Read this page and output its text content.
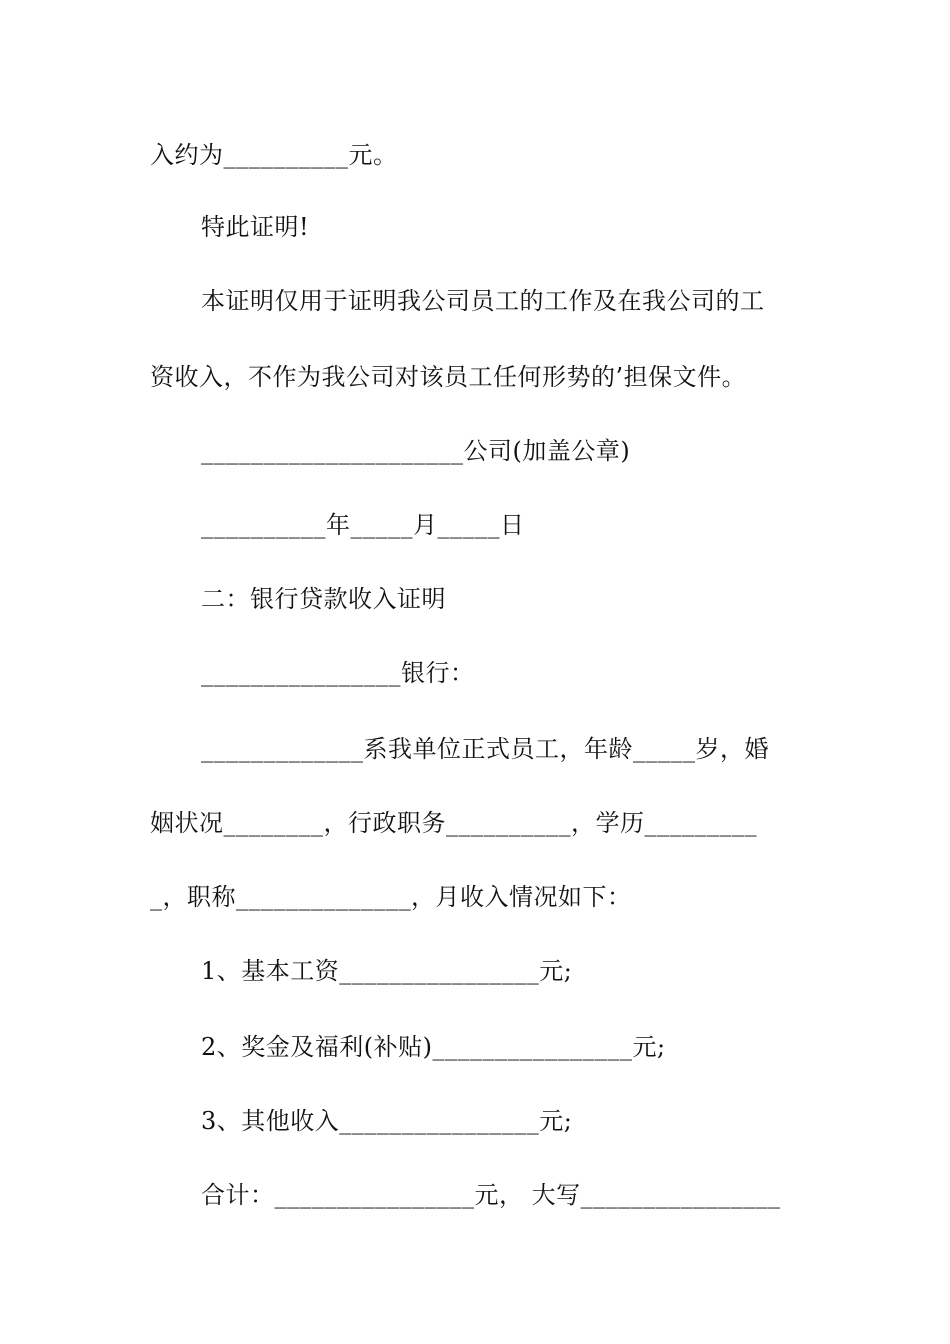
入约为__________元。
特此证明!
本证明仅用于证明我公司员工的工作及在我公司的工
资收入，不作为我公司对该员工任何形势的’担保文件。
_____________________公司(加盖公章)
__________年_____月_____日
二：银行贷款收入证明
________________银行：
_____________系我单位正式员工，年龄_____岁，婚
姻状况________，行政职务__________，学历_________
_，职称______________，月收入情况如下：
1、基本工资________________元;
2、奖金及福利(补贴)________________元;
3、其他收入________________元;
合计：________________元， 大写________________
